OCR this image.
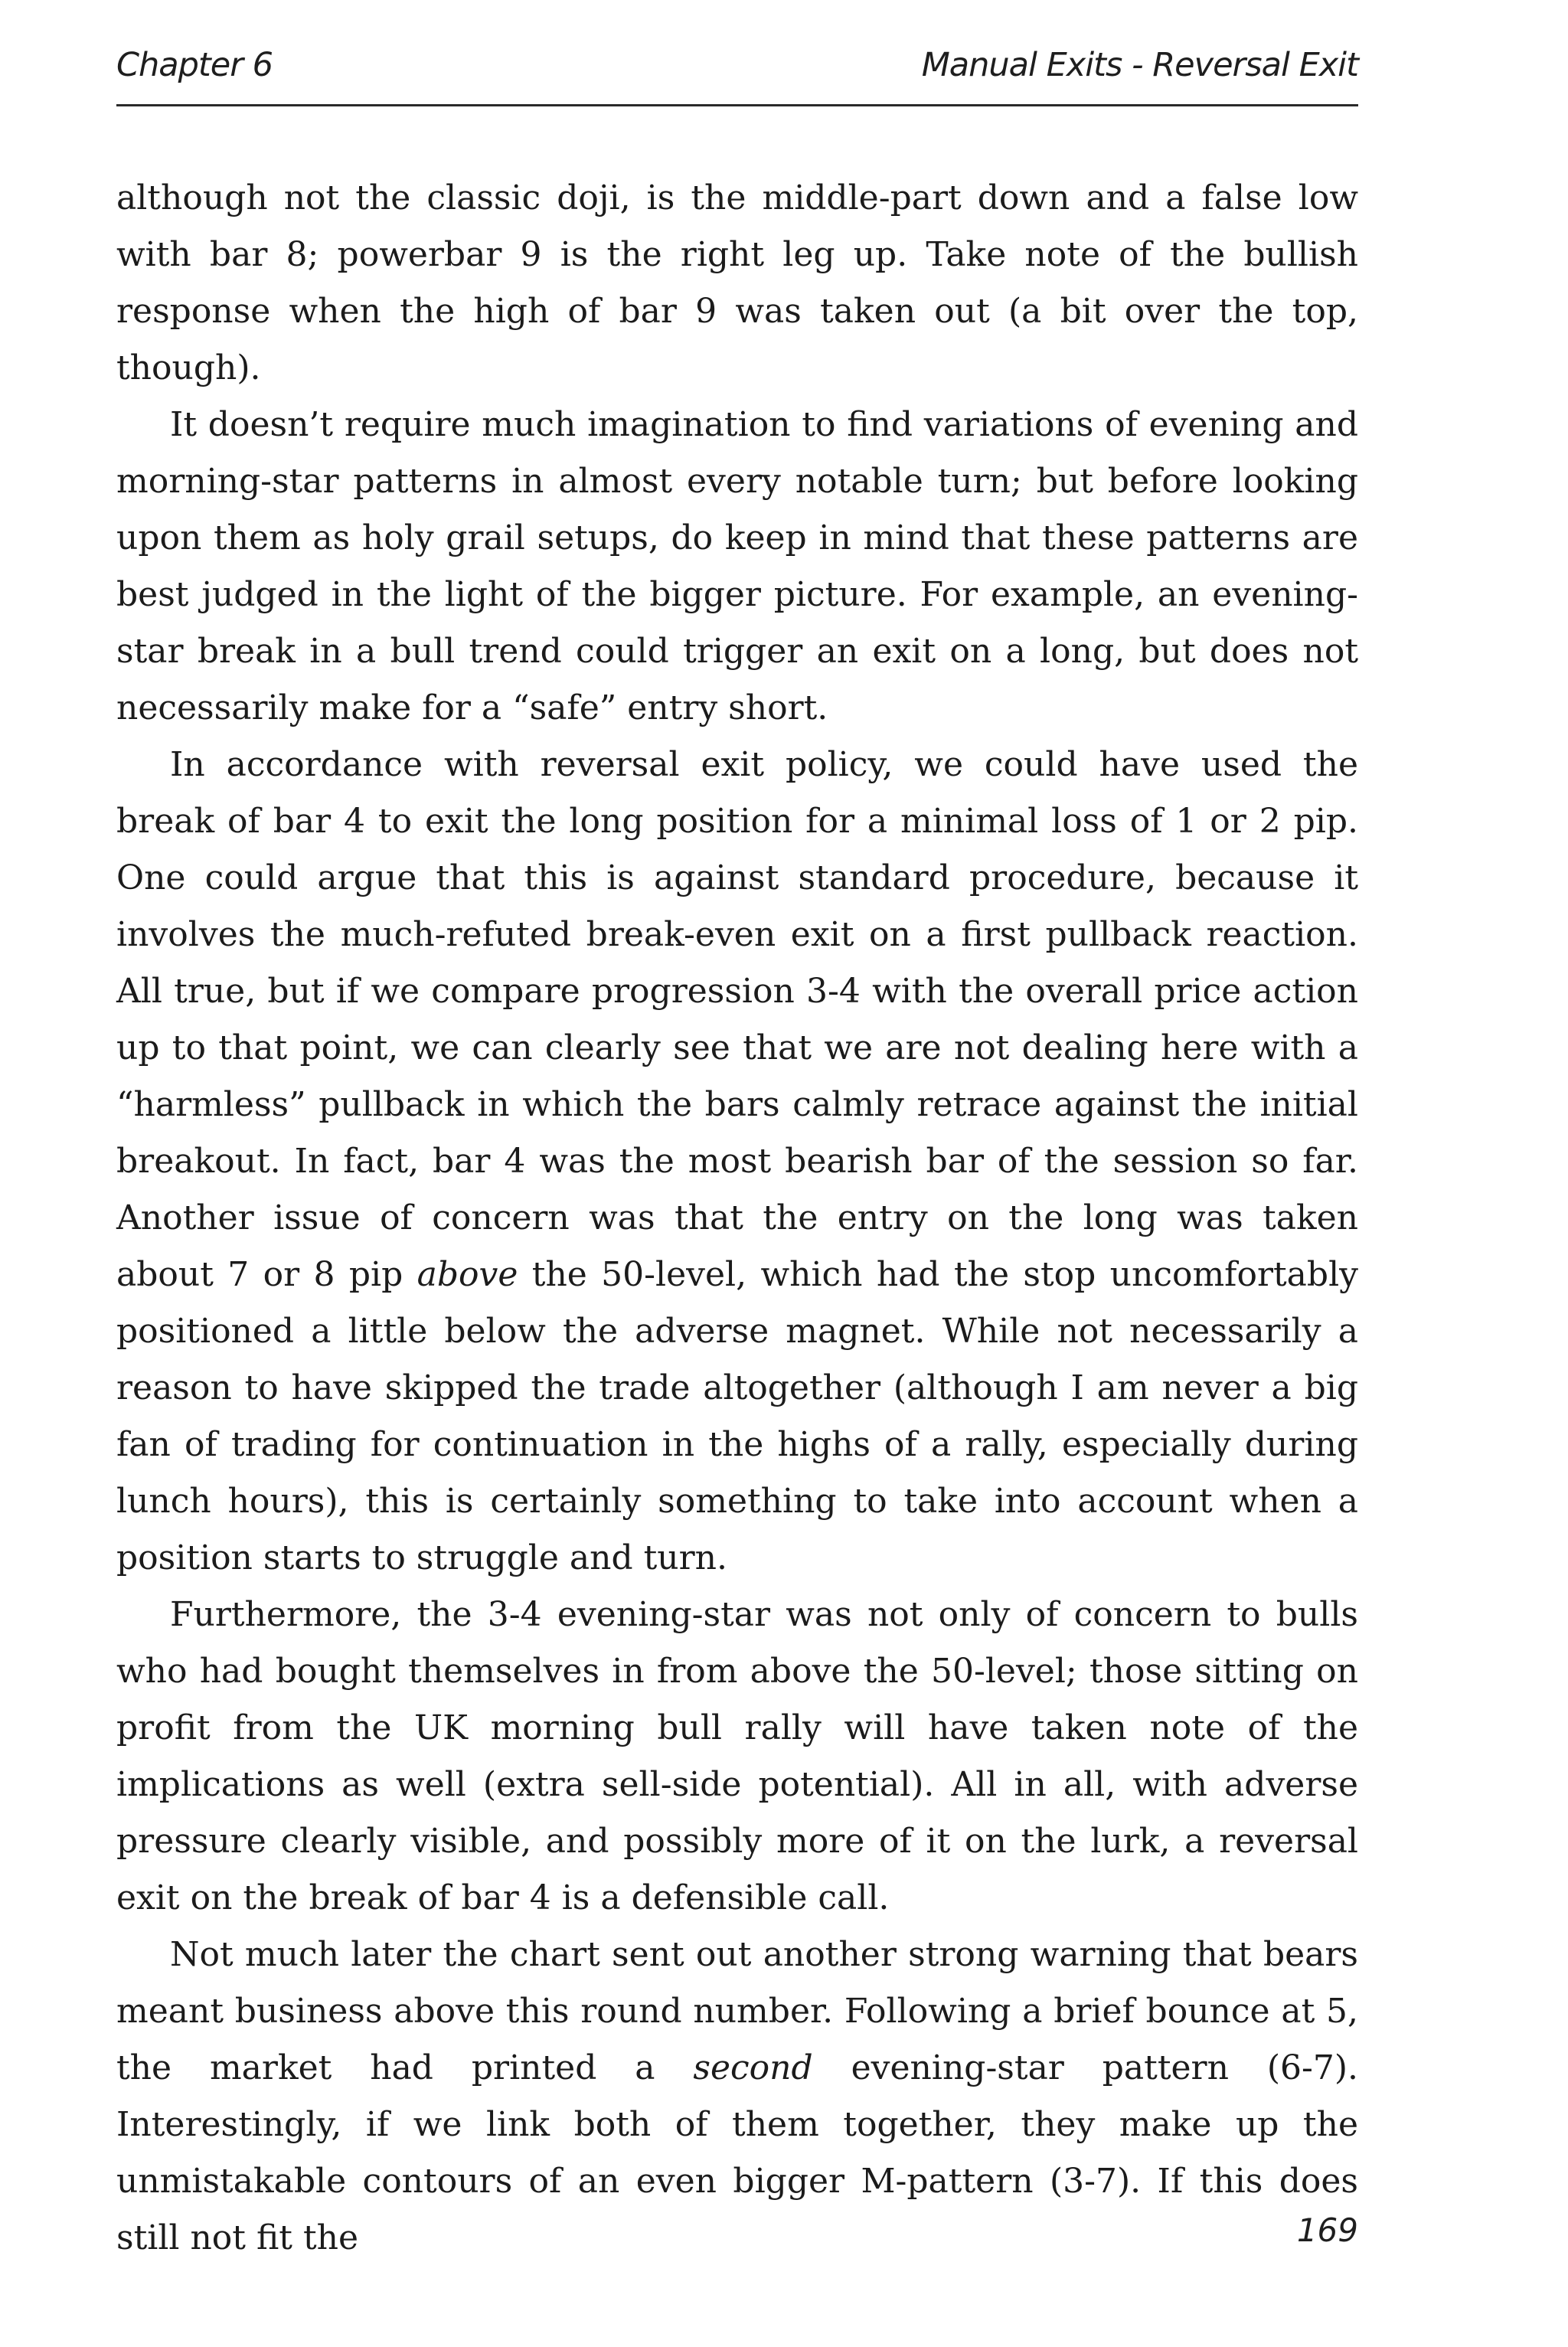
Chapter 6	Manual Exits - Reversal Exit

although not the classic doji, is the middle-part down and a false low with bar 8; powerbar 9 is the right leg up. Take note of the bullish response when the high of bar 9 was taken out (a bit over the top, though).

It doesn’t require much imagination to find variations of evening and morning-star patterns in almost every notable turn; but before looking upon them as holy grail setups, do keep in mind that these patterns are best judged in the light of the bigger picture. For example, an evening-star break in a bull trend could trigger an exit on a long, but does not necessarily make for a “safe” entry short.

In accordance with reversal exit policy, we could have used the break of bar 4 to exit the long position for a minimal loss of 1 or 2 pip. One could argue that this is against standard procedure, because it involves the much-refuted break-even exit on a first pullback reaction. All true, but if we compare progression 3-4 with the overall price action up to that point, we can clearly see that we are not dealing here with a “harmless” pullback in which the bars calmly retrace against the initial breakout. In fact, bar 4 was the most bearish bar of the session so far. Another issue of concern was that the entry on the long was taken about 7 or 8 pip above the 50-level, which had the stop uncomfortably positioned a little below the adverse magnet. While not necessarily a reason to have skipped the trade altogether (although I am never a big fan of trading for continuation in the highs of a rally, especially during lunch hours), this is certainly something to take into account when a position starts to struggle and turn.

Furthermore, the 3-4 evening-star was not only of concern to bulls who had bought themselves in from above the 50-level; those sitting on profit from the UK morning bull rally will have taken note of the implications as well (extra sell-side potential). All in all, with adverse pressure clearly visible, and possibly more of it on the lurk, a reversal exit on the break of bar 4 is a defensible call.

Not much later the chart sent out another strong warning that bears meant business above this round number. Following a brief bounce at 5, the market had printed a second evening-star pattern (6-7). Interestingly, if we link both of them together, they make up the unmistakable contours of an even bigger M-pattern (3-7). If this does still not fit the	169
